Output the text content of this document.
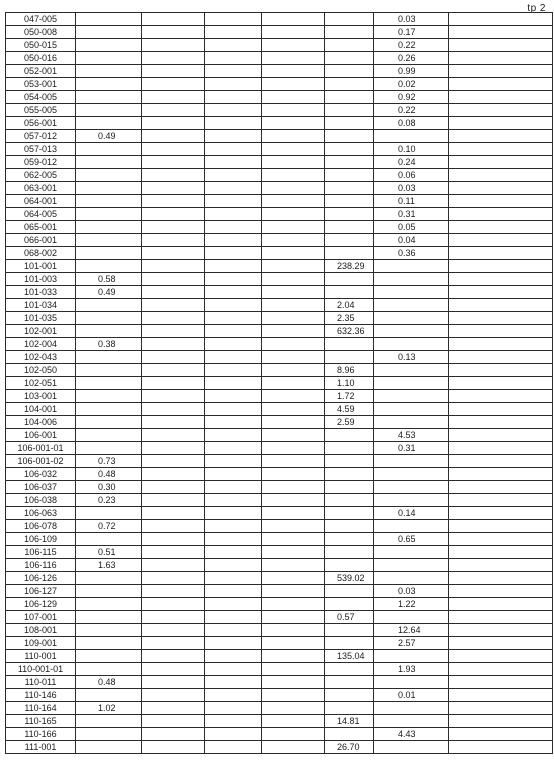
tp 2
047-005						0.03	
050-008						0.17	
050-015						0.22	
050-016						0.26	
052-001						0.99	
053-001						0.02	
054-005						0.92	
055-005						0.22	
056-001						0.08	
057-012	0.49						
057-013						0.10	
059-012						0.24	
062-005						0.06	
063-001						0.03	
064-001						0.11	
064-005						0.31	
065-001						0.05	
066-001						0.04	
068-002						0.36	
101-001					238.29		
101-003	0.58						
101-033	0.49						
101-034					2.04		
101-035					2.35		
102-001					632.36		
102-004	0.38						
102-043						0.13	
102-050					8.96		
102-051					1.10		
103-001					1.72		
104-001					4.59		
104-006					2.59		
106-001						4.53	
106-001-01						0.31	
106-001-02	0.73						
106-032	0.48						
106-037	0.30						
106-038	0.23						
106-063						0.14	
106-078	0.72						
106-109						0.65	
106-115	0.51						
106-116	1.63						
106-126					539.02		
106-127						0.03	
106-129						1.22	
107-001					0.57		
108-001						12.64	
109-001						2.57	
110-001					135.04		
110-001-01						1.93	
110-011	0.48						
110-146						0.01	
110-164	1.02						
110-165					14.81		
110-166						4.43	
111-001					26.70		
